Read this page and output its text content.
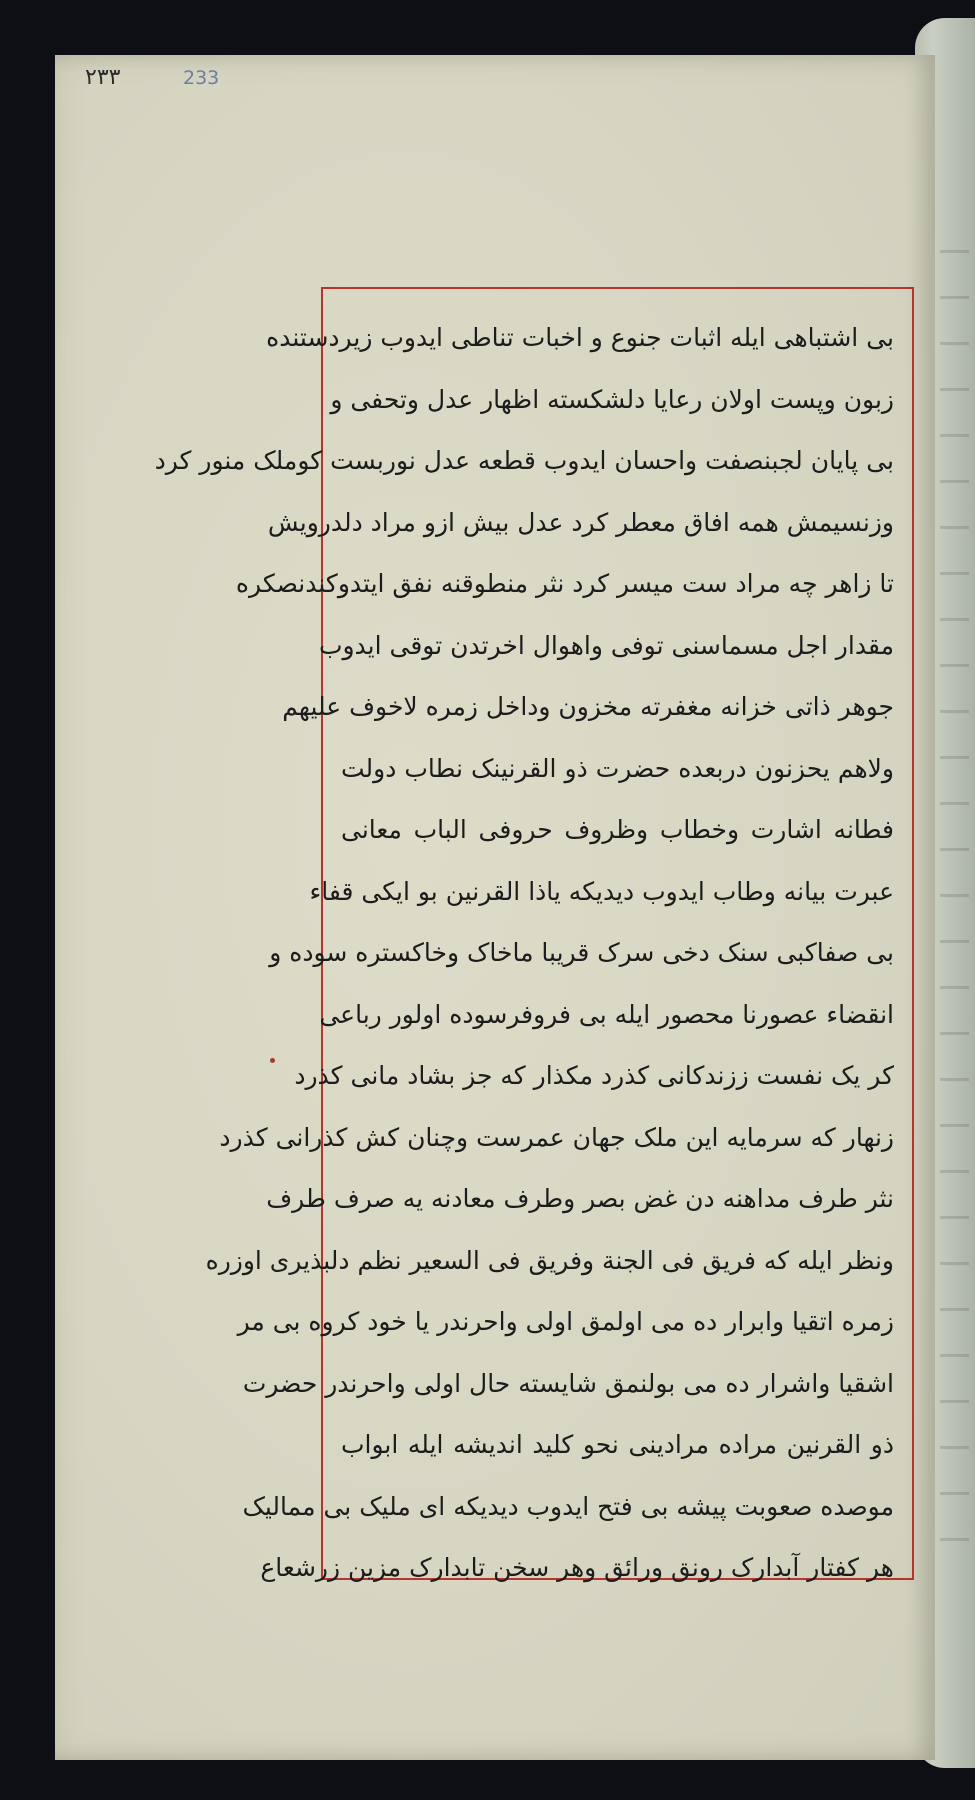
۲۳۳	233
بی اشتباهی ایله اثبات جنوع و اخبات تناطی ایدوب زیردستنده
زبون وپست اولان رعایا دلشکسته اظهار عدل وتحفی و
بی پایان لجبنصفت واحسان ایدوب قطعه عدل نوربست کوملک منور کرد
وزنسیمش همه افاق معطر کرد عدل بیش ازو مراد دلدرویش
تا زاهر چه مراد ست میسر کرد نثر منطوقنه نفق ایتدوکندنصکره
مقدار اجل مسماسنی توفی واهوال اخرتدن توقی ایدوب
جوهر ذاتی خزانه مغفرته مخزون وداخل زمره لاخوف علیهم
ولاهم یحزنون دربعده حضرت ذو القرنینک نطاب دولت
فطانه اشارت وخطاب وظروف حروفی الباب معانی
عبرت بیانه وطاب ایدوب دیدیکه یاذا القرنین بو ایکی قفاء
بی صفاکبی سنک دخی سرک قریبا ماخاک وخاکستره سوده و
انقضاء عصورنا محصور ایله بی فروفرسوده اولور رباعی
کر یک نفست ززندکانی کذرد مکذار که جز بشاد مانی کذرد
زنهار که سرمایه این ملک جهان عمرست وچنان کش کذرانی کذرد
نثر طرف مداهنه دن غض بصر وطرف معادنه یه صرف طرف
ونظر ایله که فریق فی الجنة وفریق فی السعیر نظم دلبذیری اوزره
زمره اتقیا وابرار ده می اولمق اولی واحرندر یا خود کروه بی مر
اشقیا واشرار ده می بولنمق شایسته حال اولی واحرندر حضرت
ذو القرنین مراده مرادینی نحو کلید اندیشه ایله ابواب
موصده صعوبت پیشه بی فتح ایدوب دیدیکه ای ملیک بی ممالیک
هر کفتار آبدارک رونق ورائق وهر سخن تابدارک مزین زرشعاع
